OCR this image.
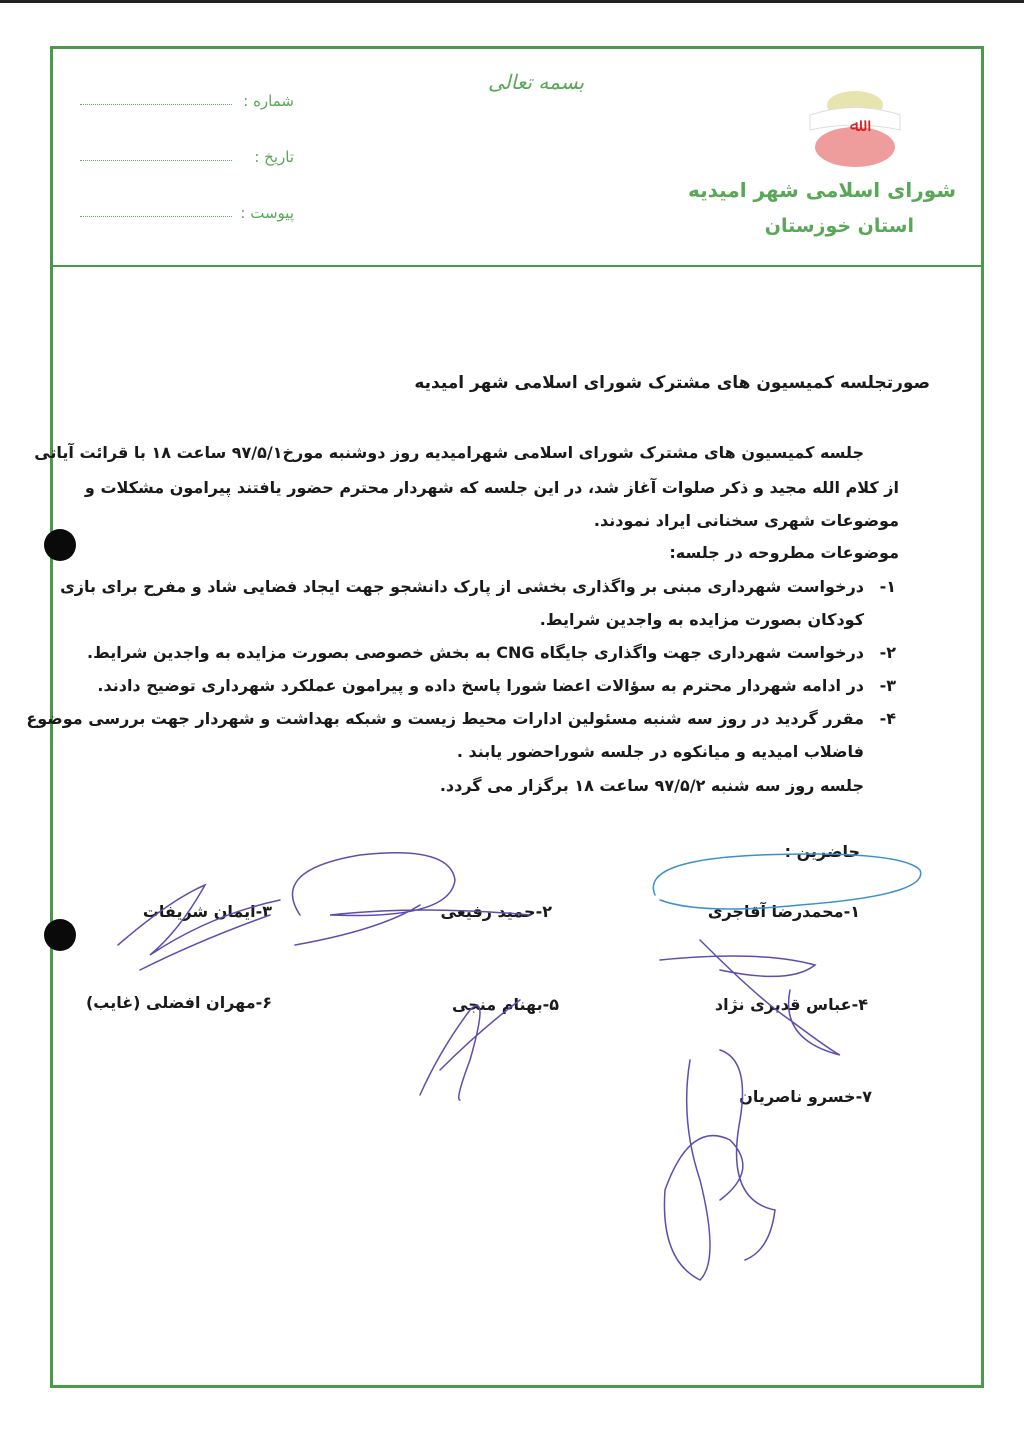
بسمه تعالی
شماره :
تاریخ :
پیوست :
ﷲ
شورای اسلامی شهر امیدیه
استان خوزستان
صورتجلسه کمیسیون های مشترک شورای اسلامی شهر امیدیه
جلسه کمیسیون های مشترک شورای اسلامی شهرامیدیه روز دوشنبه مورخ۹۷/۵/۱ ساعت ۱۸ با قرائت آیاتی
از کلام الله مجید و ذکر صلوات آغاز شد، در این جلسه که شهردار محترم حضور یافتند پیرامون مشکلات و
موضوعات شهری سخنانی ایراد نمودند.
موضوعات مطروحه در جلسه:
۱-
درخواست شهرداری مبنی بر واگذاری بخشی از پارک دانشجو جهت ایجاد فضایی شاد و مفرح برای بازی
کودکان بصورت مزایده به واجدین شرایط.
۲-
درخواست شهرداری جهت واگذاری جایگاه CNG به بخش خصوصی بصورت مزایده به واجدین شرایط.
۳-
در ادامه شهردار محترم به سؤالات اعضا شورا پاسخ داده و پیرامون عملکرد شهرداری توضیح دادند.
۴-
مقرر گردید در روز سه شنبه مسئولین ادارات محیط زیست و شبکه بهداشت و شهردار جهت بررسی موضوع
فاضلاب امیدیه و میانکوه در جلسه شوراحضور یابند .
جلسه روز سه شنبه ۹۷/۵/۲ ساعت ۱۸ برگزار می گردد.
حاضرین :
۱-محمدرضا آقاجری
۲-حمید رفیعی
۳-ایمان شریفات
۴-عباس قدیری نژاد
۵-بهنام منجی
۶-مهران افضلی (غایب)
۷-خسرو ناصریان
